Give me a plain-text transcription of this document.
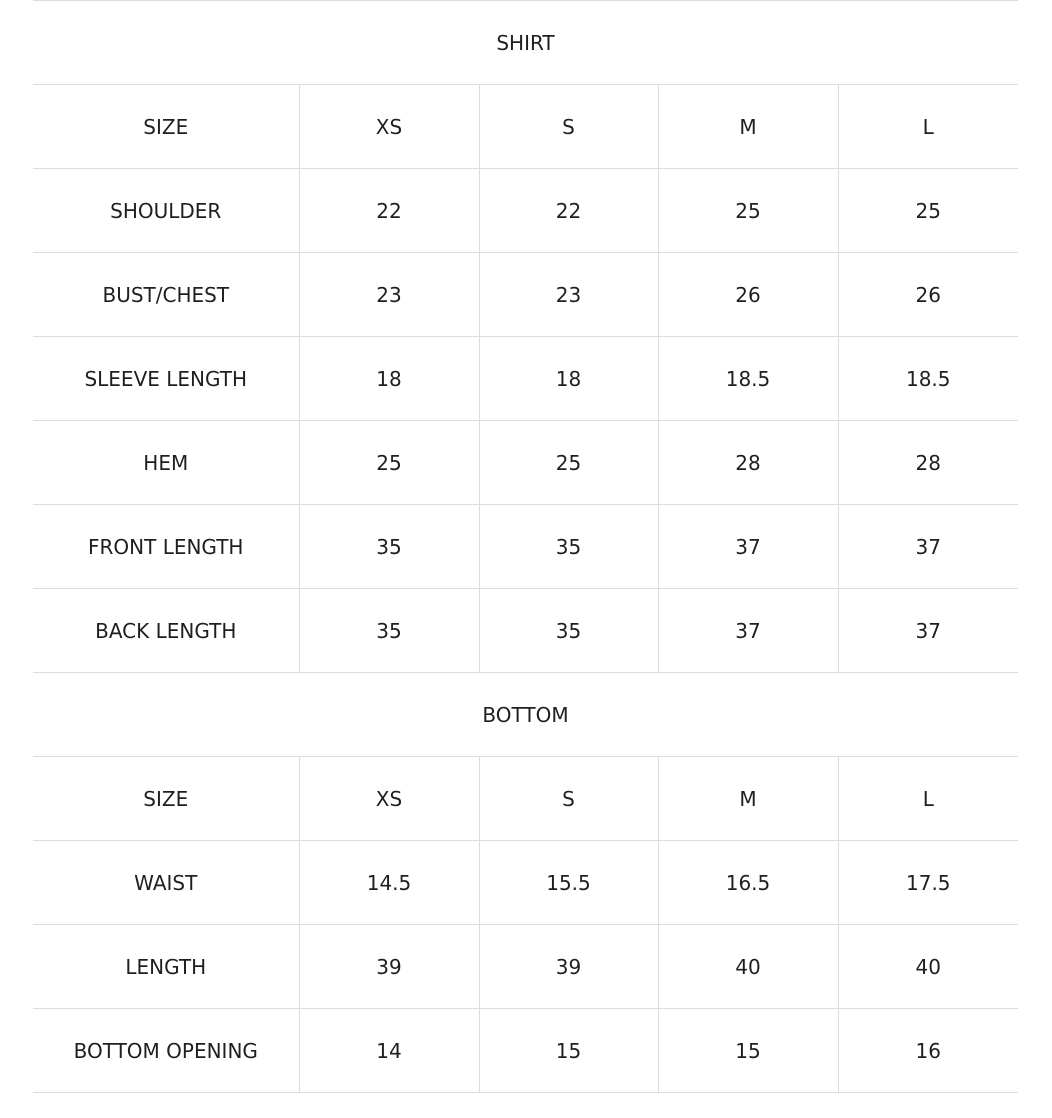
SHIRT				
SIZE	XS	S	M	L
SHOULDER	22	22	25	25
BUST/CHEST	23	23	26	26
SLEEVE LENGTH	18	18	18.5	18.5
HEM	25	25	28	28
FRONT LENGTH	35	35	37	37
BACK LENGTH	35	35	37	37
BOTTOM				
SIZE	XS	S	M	L
WAIST	14.5	15.5	16.5	17.5
LENGTH	39	39	40	40
BOTTOM OPENING	14	15	15	16
